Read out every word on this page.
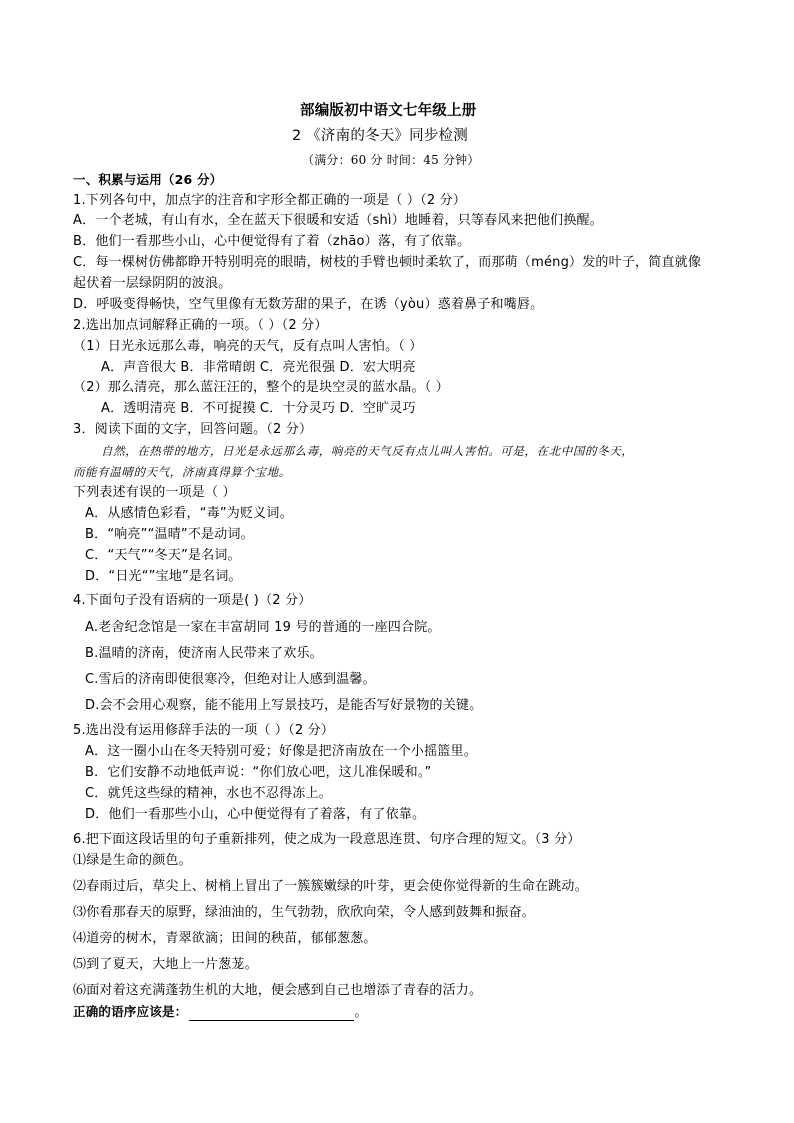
部编版初中语文七年级上册
2 《济南的冬天》同步检测
（满分：60 分 时间：45 分钟）
一、积累与运用（26 分）
1.下列各句中，加点字的注音和字形全都正确的一项是（ ）（2 分）
A．一个老城，有山有水，全在蓝天下很暖和安适（shì）地睡着，只等春风来把他们换醒。
B．他们一看那些小山，心中便觉得有了着（zhāo）落，有了依靠。
C．每一棵树仿佛都睁开特别明亮的眼睛，树枝的手臂也顿时柔软了，而那萌（méng）发的叶子，简直就像
起伏着一层绿阴阴的波浪。
D．呼吸变得畅快，空气里像有无数芳甜的果子，在诱（yòu）惑着鼻子和嘴唇。
2.选出加点词解释正确的一项。（ ）（2 分）
（1）日光永远那么毒，响亮的天气，反有点叫人害怕。（ ）
A．声音很大 B．非常晴朗 C．亮光很强 D．宏大明亮
（2）那么清亮，那么蓝汪汪的，整个的是块空灵的蓝水晶。（ ）
A．透明清亮 B．不可捉摸 C．十分灵巧 D．空旷灵巧
3．阅读下面的文字，回答问题。（2 分）
自然，在热带的地方，日光是永远那么毒，响亮的天气反有点儿叫人害怕。可是，在北中国的冬天，
而能有温晴的天气，济南真得算个宝地。
下列表述有误的一项是（ ）
A．从感情色彩看，“毒”为贬义词。
B．“响亮”“温晴”不是动词。
C．“天气”“冬天”是名词。
D．“日光“”宝地”是名词。
4.下面句子没有语病的一项是( )（2 分）
A.老舍纪念馆是一家在丰富胡同 19 号的普通的一座四合院。
B.温晴的济南，使济南人民带来了欢乐。
C.雪后的济南即使很寒冷，但绝对让人感到温馨。
D.会不会用心观察，能不能用上写景技巧，是能否写好景物的关键。
5.选出没有运用修辞手法的一项（ ）（2 分）
A．这一圈小山在冬天特别可爱；好像是把济南放在一个小摇篮里。
B．它们安静不动地低声说：“你们放心吧，这儿准保暖和。”
C．就凭这些绿的精神，水也不忍得冻上。
D．他们一看那些小山，心中便觉得有了着落，有了依靠。
6.把下面这段话里的句子重新排列，使之成为一段意思连贯、句序合理的短文。（3 分）
⑴绿是生命的颜色。
⑵春雨过后，草尖上、树梢上冒出了一簇簇嫩绿的叶芽，更会使你觉得新的生命在跳动。
⑶你看那春天的原野，绿油油的，生气勃勃，欣欣向荣，令人感到鼓舞和振奋。
⑷道旁的树木，青翠欲滴；田间的秧苗，郁郁葱葱。
⑸到了夏天，大地上一片葱茏。
⑹面对着这充满蓬勃生机的大地，便会感到自己也增添了青春的活力。
正确的语序应该是：	。
